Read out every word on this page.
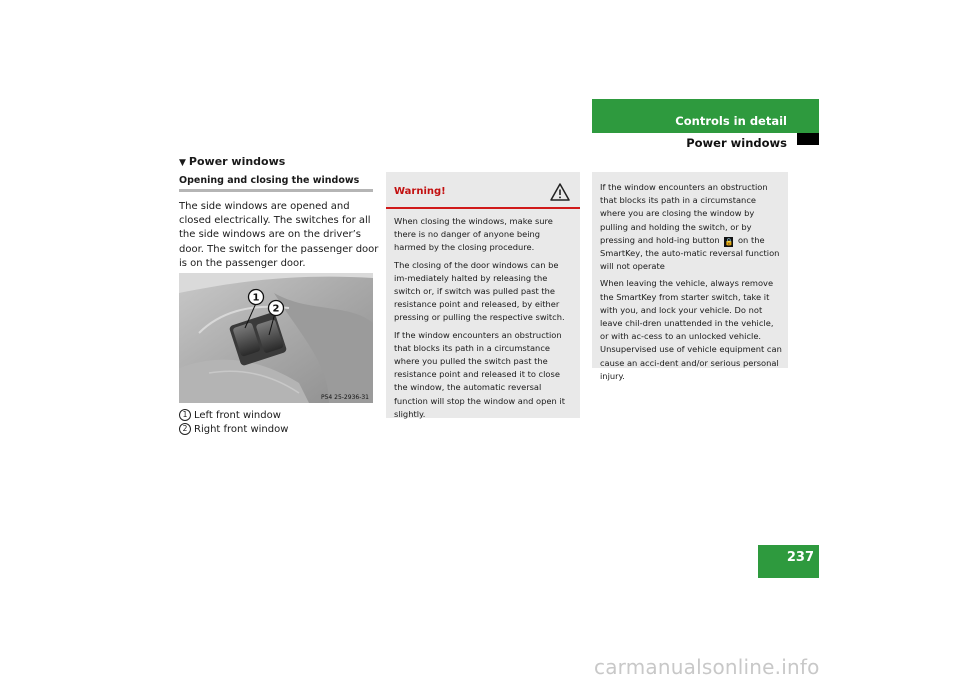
Controls in detail
Power windows
▼ Power windows
Opening and closing the windows
The side windows are opened and closed electrically. The switches for all the side windows are on the driver’s door. The switch for the passenger door is on the passenger door.
1
2
P54 25-2936-31
1 Left front window
2 Right front window
Warning!

When closing the windows, make sure there is no danger of anyone being harmed by the closing procedure.

The closing of the door windows can be im-mediately halted by releasing the switch or, if switch was pulled past the resistance point and released, by either pressing or pulling the respective switch.

If the window encounters an obstruction that blocks its path in a circumstance where you pulled the switch past the resistance point and released it to close the window, the automatic reversal function will stop the window and open it slightly.

If the window encounters an obstruction that blocks its path in a circumstance where you are closing the window by pulling and holding the switch, or by pressing and hold-ing button 🔒 on the SmartKey, the auto-matic reversal function will not operate

When leaving the vehicle, always remove the SmartKey from starter switch, take it with you, and lock your vehicle. Do not leave chil-dren unattended in the vehicle, or with ac-cess to an unlocked vehicle. Unsupervised use of vehicle equipment can cause an acci-dent and/or serious personal injury.

237
carmanualsonline.info
